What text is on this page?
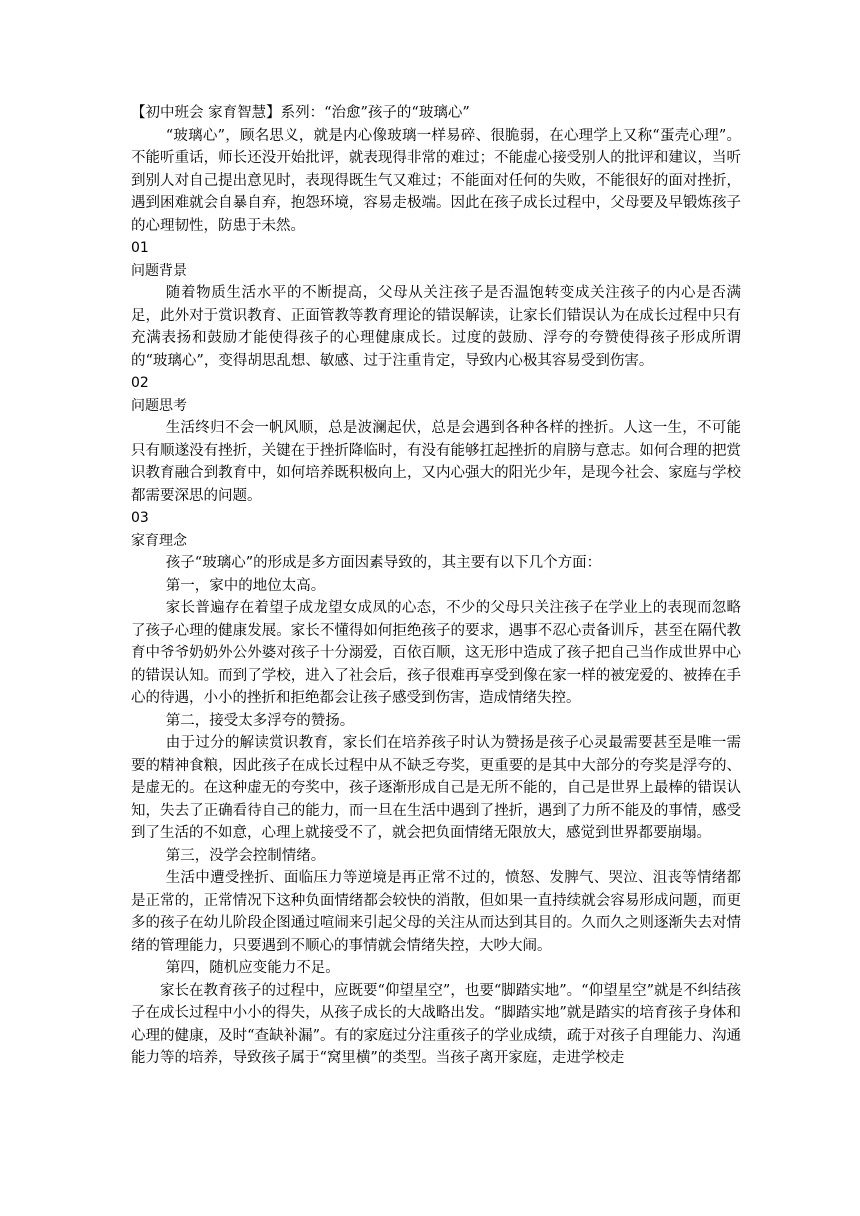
【初中班会 家育智慧】系列：“治愈”孩子的“玻璃心”

“玻璃心”，顾名思义，就是内心像玻璃一样易碎、很脆弱，在心理学上又称“蛋壳心理”。不能听重话，师长还没开始批评，就表现得非常的难过；不能虚心接受别人的批评和建议，当听到别人对自己提出意见时，表现得既生气又难过；不能面对任何的失败，不能很好的面对挫折，遇到困难就会自暴自弃，抱怨环境，容易走极端。因此在孩子成长过程中，父母要及早锻炼孩子的心理韧性，防患于未然。

01

问题背景

随着物质生活水平的不断提高，父母从关注孩子是否温饱转变成关注孩子的内心是否满足，此外对于赏识教育、正面管教等教育理论的错误解读，让家长们错误认为在成长过程中只有充满表扬和鼓励才能使得孩子的心理健康成长。过度的鼓励、浮夸的夸赞使得孩子形成所谓的“玻璃心”，变得胡思乱想、敏感、过于注重肯定，导致内心极其容易受到伤害。

02

问题思考

生活终归不会一帆风顺，总是波澜起伏，总是会遇到各种各样的挫折。人这一生，不可能只有顺遂没有挫折，关键在于挫折降临时，有没有能够扛起挫折的肩膀与意志。如何合理的把赏识教育融合到教育中，如何培养既积极向上，又内心强大的阳光少年，是现今社会、家庭与学校都需要深思的问题。

03

家育理念

孩子“玻璃心”的形成是多方面因素导致的，其主要有以下几个方面：

第一，家中的地位太高。

家长普遍存在着望子成龙望女成凤的心态，不少的父母只关注孩子在学业上的表现而忽略了孩子心理的健康发展。家长不懂得如何拒绝孩子的要求，遇事不忍心责备训斥，甚至在隔代教育中爷爷奶奶外公外婆对孩子十分溺爱，百依百顺，这无形中造成了孩子把自己当作成世界中心的错误认知。而到了学校，进入了社会后，孩子很难再享受到像在家一样的被宠爱的、被捧在手心的待遇，小小的挫折和拒绝都会让孩子感受到伤害，造成情绪失控。

第二，接受太多浮夸的赞扬。

由于过分的解读赏识教育，家长们在培养孩子时认为赞扬是孩子心灵最需要甚至是唯一需要的精神食粮，因此孩子在成长过程中从不缺乏夸奖，更重要的是其中大部分的夸奖是浮夸的、是虚无的。在这种虚无的夸奖中，孩子逐渐形成自己是无所不能的，自己是世界上最棒的错误认知，失去了正确看待自己的能力，而一旦在生活中遇到了挫折，遇到了力所不能及的事情，感受到了生活的不如意，心理上就接受不了，就会把负面情绪无限放大，感觉到世界都要崩塌。

第三，没学会控制情绪。

生活中遭受挫折、面临压力等逆境是再正常不过的，愤怒、发脾气、哭泣、沮丧等情绪都是正常的，正常情况下这种负面情绪都会较快的消散，但如果一直持续就会容易形成问题，而更多的孩子在幼儿阶段企图通过喧闹来引起父母的关注从而达到其目的。久而久之则逐渐失去对情绪的管理能力，只要遇到不顺心的事情就会情绪失控，大吵大闹。

第四，随机应变能力不足。

家长在教育孩子的过程中，应既要“仰望星空”，也要“脚踏实地”。“仰望星空”就是不纠结孩子在成长过程中小小的得失，从孩子成长的大战略出发。“脚踏实地”就是踏实的培育孩子身体和心理的健康，及时“查缺补漏”。有的家庭过分注重孩子的学业成绩，疏于对孩子自理能力、沟通能力等的培养，导致孩子属于“窝里横”的类型。当孩子离开家庭，走进学校走
